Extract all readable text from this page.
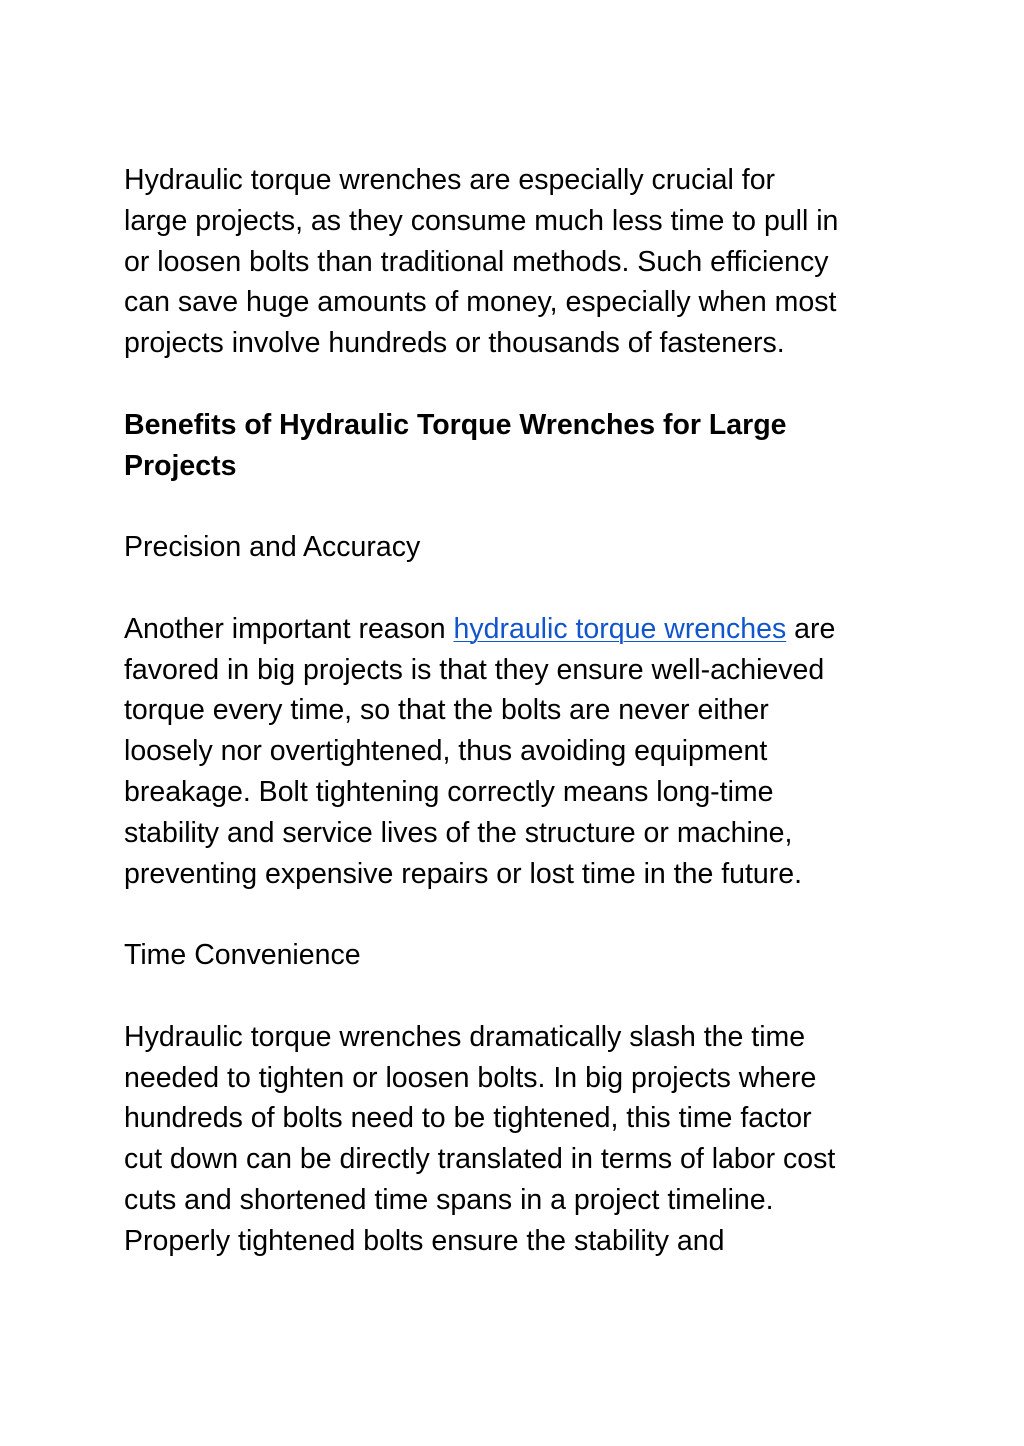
Hydraulic torque wrenches are especially crucial for
large projects, as they consume much less time to pull in
or loosen bolts than traditional methods. Such efficiency
can save huge amounts of money, especially when most
projects involve hundreds or thousands of fasteners.

Benefits of Hydraulic Torque Wrenches for Large
Projects

Precision and Accuracy

Another important reason hydraulic torque wrenches are
favored in big projects is that they ensure well-achieved
torque every time, so that the bolts are never either
loosely nor overtightened, thus avoiding equipment
breakage. Bolt tightening correctly means long-time
stability and service lives of the structure or machine,
preventing expensive repairs or lost time in the future.

Time Convenience

Hydraulic torque wrenches dramatically slash the time
needed to tighten or loosen bolts. In big projects where
hundreds of bolts need to be tightened, this time factor
cut down can be directly translated in terms of labor cost
cuts and shortened time spans in a project timeline.
Properly tightened bolts ensure the stability and
